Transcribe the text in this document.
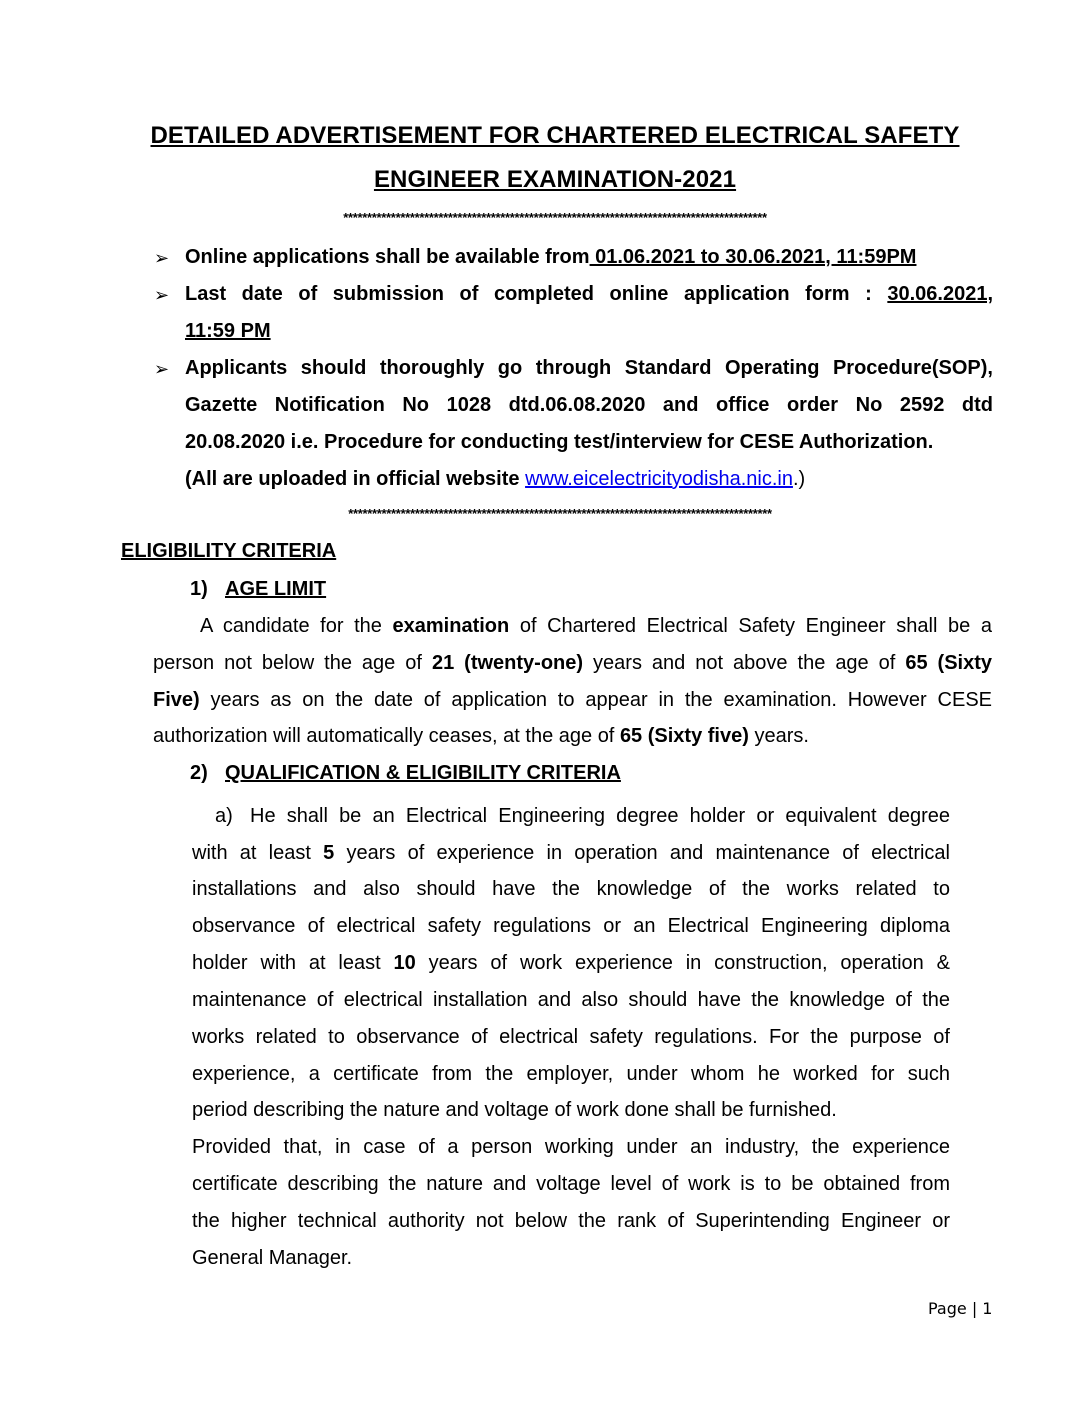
DETAILED ADVERTISEMENT FOR CHARTERED ELECTRICAL SAFETY
ENGINEER EXAMINATION-2021
*****************************************************************************************
➢ Online applications shall be available from 01.06.2021 to 30.06.2021, 11:59PM
➢ Last date of submission of completed online application form : 30.06.2021,
11:59 PM
➢ Applicants should thoroughly go through Standard Operating Procedure(SOP),
Gazette Notification No 1028 dtd.06.08.2020 and office order No 2592 dtd
20.08.2020 i.e. Procedure for conducting test/interview for CESE Authorization.
(All are uploaded in official website www.eicelectricityodisha.nic.in.)
*****************************************************************************************
ELIGIBILITY CRITERIA
1) AGE LIMIT
A candidate for the examination of Chartered Electrical Safety Engineer shall be a
person not below the age of 21 (twenty-one) years and not above the age of 65 (Sixty
Five) years as on the date of application to appear in the examination. However CESE
authorization will automatically ceases, at the age of 65 (Sixty five) years.
2) QUALIFICATION & ELIGIBILITY CRITERIA
a) He shall be an Electrical Engineering degree holder or equivalent degree
with at least 5 years of experience in operation and maintenance of electrical
installations and also should have the knowledge of the works related to
observance of electrical safety regulations or an Electrical Engineering diploma
holder with at least 10 years of work experience in construction, operation &
maintenance of electrical installation and also should have the knowledge of the
works related to observance of electrical safety regulations. For the purpose of
experience, a certificate from the employer, under whom he worked for such
period describing the nature and voltage of work done shall be furnished.
Provided that, in case of a person working under an industry, the experience
certificate describing the nature and voltage level of work is to be obtained from
the higher technical authority not below the rank of Superintending Engineer or
General Manager.
Page | 1
